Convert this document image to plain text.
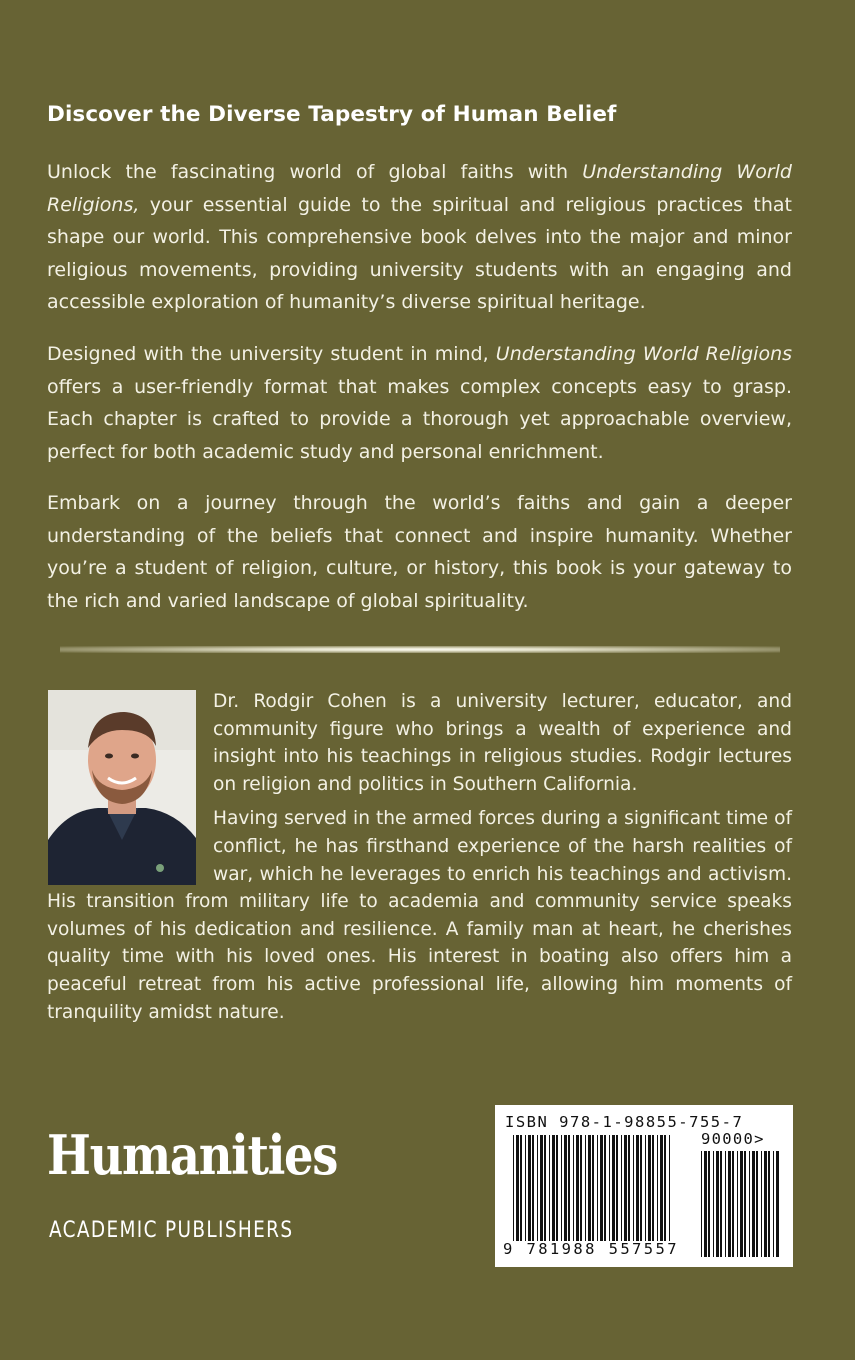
Discover the Diverse Tapestry of Human Belief
Unlock the fascinating world of global faiths with Understanding World Religions, your essential guide to the spiritual and religious practices that shape our world. This comprehensive book delves into the major and minor religious movements, providing university students with an engaging and accessible exploration of humanity’s diverse spiritual heritage.
Designed with the university student in mind, Understanding World Religions offers a user-friendly format that makes complex concepts easy to grasp. Each chapter is crafted to provide a thorough yet approachable overview, perfect for both academic study and personal enrichment.
Embark on a journey through the world’s faiths and gain a deeper understanding of the beliefs that connect and inspire humanity. Whether you’re a student of religion, culture, or history, this book is your gateway to the rich and varied landscape of global spirituality.

Dr. Rodgir Cohen is a university lecturer, educator, and community figure who brings a wealth of experience and insight into his teachings in religious studies. Rodgir lectures on religion and politics in Southern California.

Having served in the armed forces during a significant time of conflict, he has firsthand experience of the harsh realities of war, which he leverages to enrich his teachings and activism. His transition from military life to academia and community service speaks volumes of his dedication and resilience. A family man at heart, he cherishes quality time with his loved ones. His interest in boating also offers him a peaceful retreat from his active professional life, allowing him moments of tranquility amidst nature.

Humanities
ACADEMIC PUBLISHERS
ISBN 978-1-98855-755-7
90000>
9 781988 557557
